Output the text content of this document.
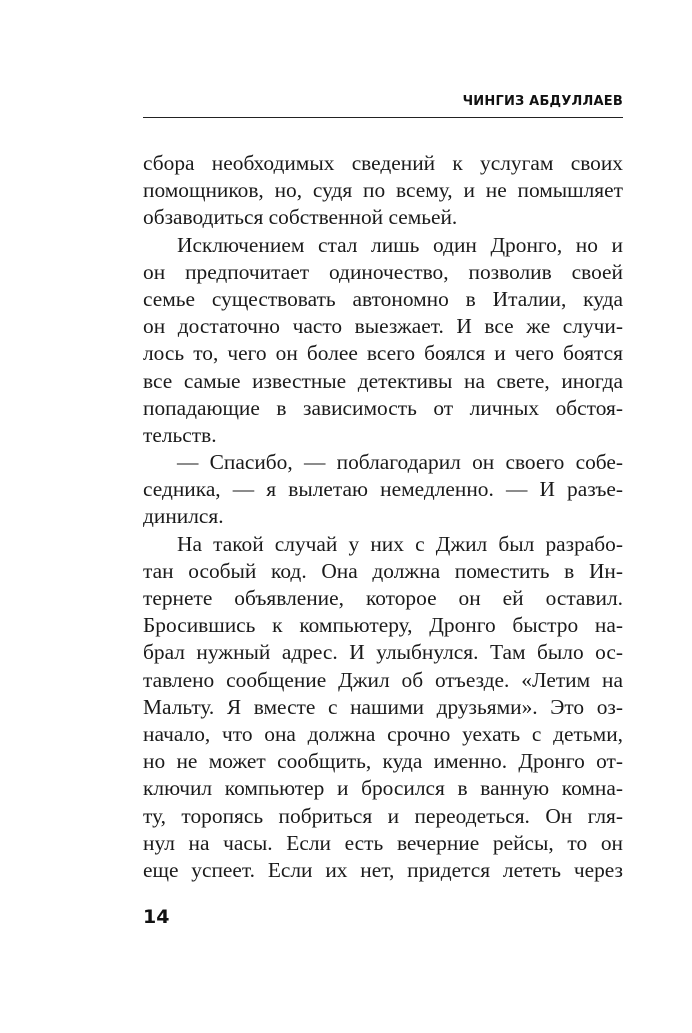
ЧИНГИЗ АБДУЛЛАЕВ
сбора необходимых сведений к услугам своих
помощников, но, судя по всему, и не помышляет
обзаводиться собственной семьей.
Исключением стал лишь один Дронго, но и
он предпочитает одиночество, позволив своей
семье существовать автономно в Италии, куда
он достаточно часто выезжает. И все же случи-
лось то, чего он более всего боялся и чего боятся
все самые известные детективы на свете, иногда
попадающие в зависимость от личных обстоя-
тельств.
— Спасибо, — поблагодарил он своего собе-
седника, — я вылетаю немедленно. — И разъе-
динился.
На такой случай у них с Джил был разрабо-
тан особый код. Она должна поместить в Ин-
тернете объявление, которое он ей оставил.
Бросившись к компьютеру, Дронго быстро на-
брал нужный адрес. И улыбнулся. Там было ос-
тавлено сообщение Джил об отъезде. «Летим на
Мальту. Я вместе с нашими друзьями». Это оз-
начало, что она должна срочно уехать с детьми,
но не может сообщить, куда именно. Дронго от-
ключил компьютер и бросился в ванную комна-
ту, торопясь побриться и переодеться. Он гля-
нул на часы. Если есть вечерние рейсы, то он
еще успеет. Если их нет, придется лететь через
14
